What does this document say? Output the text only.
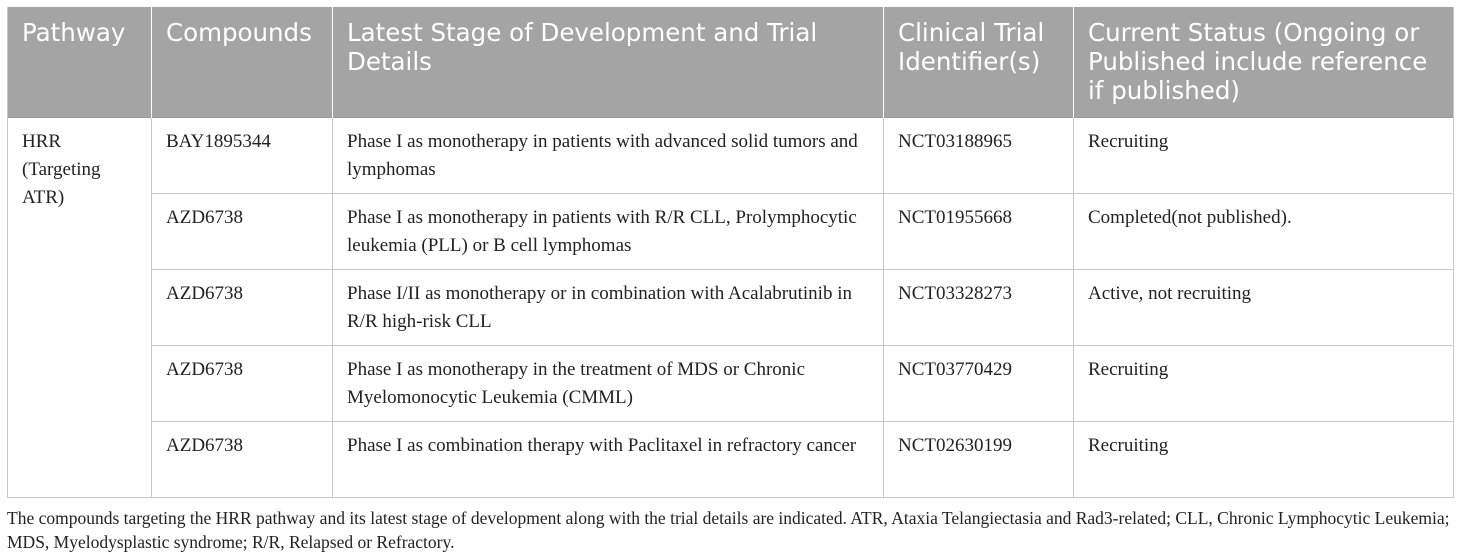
Pathway	Compounds	Latest Stage of Development and Trial Details	Clinical Trial Identifier(s)	Current Status (Ongoing or Published include reference if published)
HRR (Targeting ATR)	BAY1895344	Phase I as monotherapy in patients with advanced solid tumors and lymphomas	NCT03188965	Recruiting
	AZD6738	Phase I as monotherapy in patients with R/R CLL, Prolymphocytic leukemia (PLL) or B cell lymphomas	NCT01955668	Completed(not published).
	AZD6738	Phase I/II as monotherapy or in combination with Acalabrutinib in R/R high-risk CLL	NCT03328273	Active, not recruiting
	AZD6738	Phase I as monotherapy in the treatment of MDS or Chronic Myelomonocytic Leukemia (CMML)	NCT03770429	Recruiting
	AZD6738	Phase I as combination therapy with Paclitaxel in refractory cancer	NCT02630199	Recruiting
The compounds targeting the HRR pathway and its latest stage of development along with the trial details are indicated. ATR, Ataxia Telangiectasia and Rad3-related; CLL, Chronic Lymphocytic Leukemia; MDS, Myelodysplastic syndrome; R/R, Relapsed or Refractory.
